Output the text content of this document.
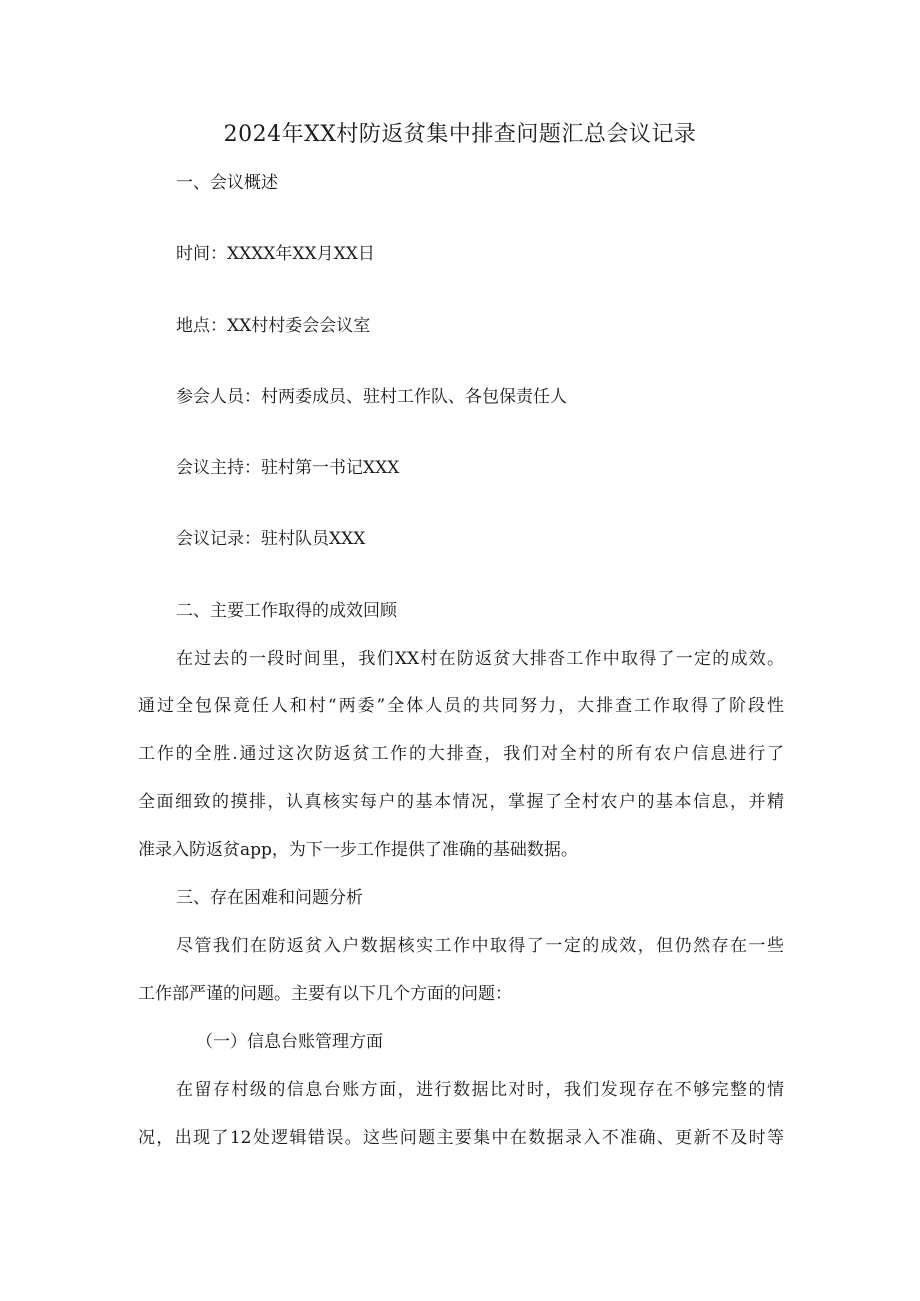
2024年XX村防返贫集中排查问题汇总会议记录
一、会议概述
时间：XXXX年XX月XX日
地点：XX村村委会会议室
参会人员：村两委成员、驻村工作队、各包保责任人
会议主持：驻村第一书记XXX
会议记录：驻村队员XXX
二、主要工作取得的成效回顾
在过去的一段时间里，我们XX村在防返贫大排沓工作中取得了一定的成效。
通过全包保竟任人和村“两委”全体人员的共同努力，大排查工作取得了阶段性
工作的全胜.通过这次防返贫工作的大排查，我们对全村的所有农户信息进行了
全面细致的摸排，认真核实每户的基本情况，掌握了全村农户的基本信息，并精
准录入防返贫app，为下一步工作提供了准确的基础数据。
三、存在困难和问题分析
尽管我们在防返贫入户数据核实工作中取得了一定的成效，但仍然存在一些
工作部严谨的问题。主要有以下几个方面的问题：
（一）信息台账管理方面
在留存村级的信息台账方面，进行数据比对时，我们发现存在不够完整的情
况，出现了12处逻辑错误。这些问题主要集中在数据录入不准确、更新不及时等
